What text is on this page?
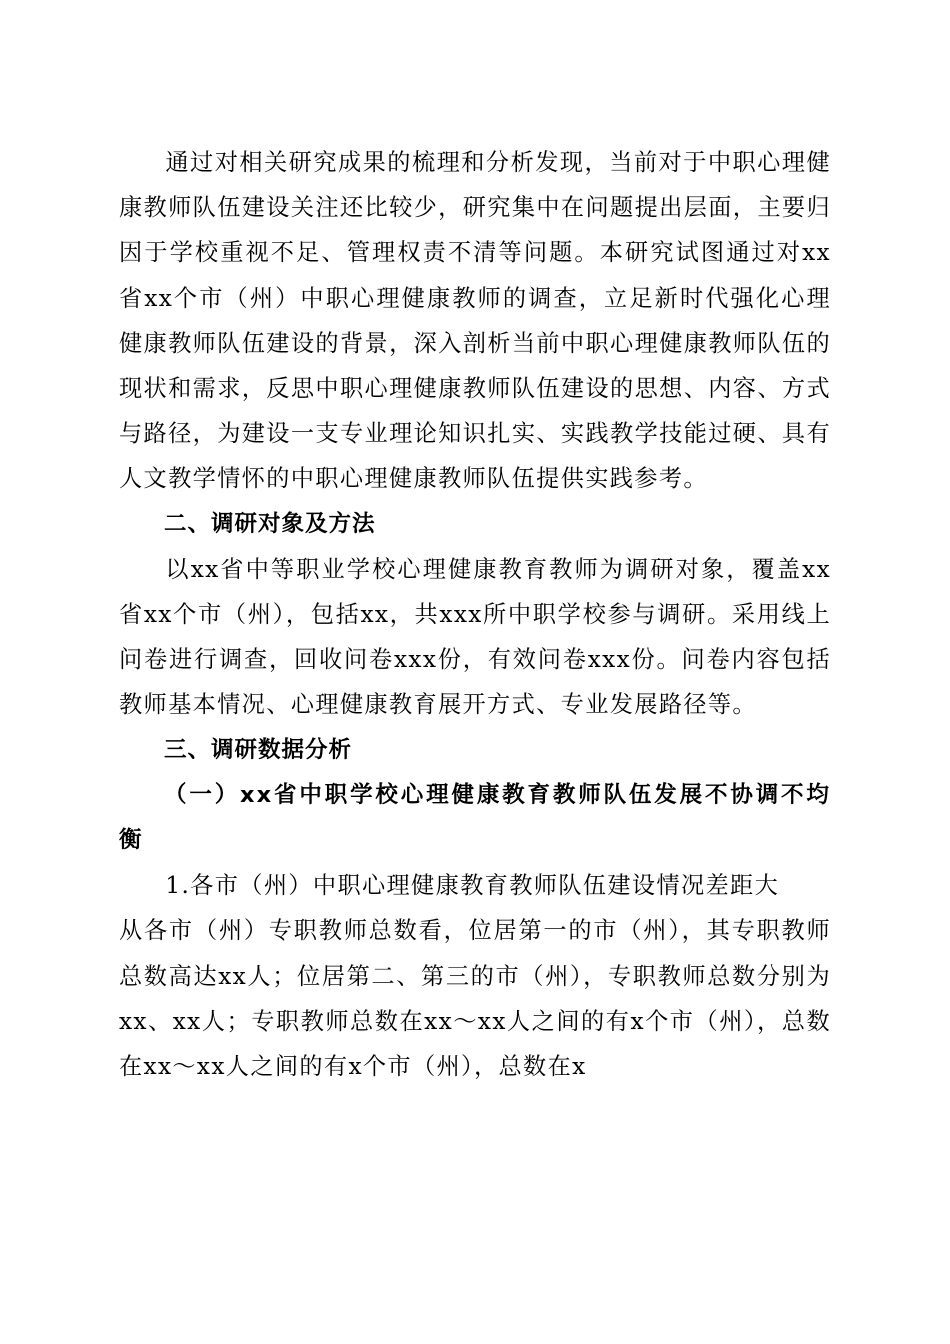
通过对相关研究成果的梳理和分析发现，当前对于中职心理健康教师队伍建设关注还比较少，研究集中在问题提出层面，主要归因于学校重视不足、管理权责不清等问题。本研究试图通过对xx省xx个市（州）中职心理健康教师的调查，立足新时代强化心理健康教师队伍建设的背景，深入剖析当前中职心理健康教师队伍的现状和需求，反思中职心理健康教师队伍建设的思想、内容、方式与路径，为建设一支专业理论知识扎实、实践教学技能过硬、具有人文教学情怀的中职心理健康教师队伍提供实践参考。

二、调研对象及方法

以xx省中等职业学校心理健康教育教师为调研对象，覆盖xx省xx个市（州），包括xx，共xxx所中职学校参与调研。采用线上问卷进行调查，回收问卷xxx份，有效问卷xxx份。问卷内容包括教师基本情况、心理健康教育展开方式、专业发展路径等。

三、调研数据分析

（一）xx省中职学校心理健康教育教师队伍发展不协调不均衡

1.各市（州）中职心理健康教育教师队伍建设情况差距大

从各市（州）专职教师总数看，位居第一的市（州），其专职教师总数高达xx人；位居第二、第三的市（州），专职教师总数分别为xx、xx人；专职教师总数在xx～xx人之间的有x个市（州），总数在xx～xx人之间的有x个市（州），总数在x
